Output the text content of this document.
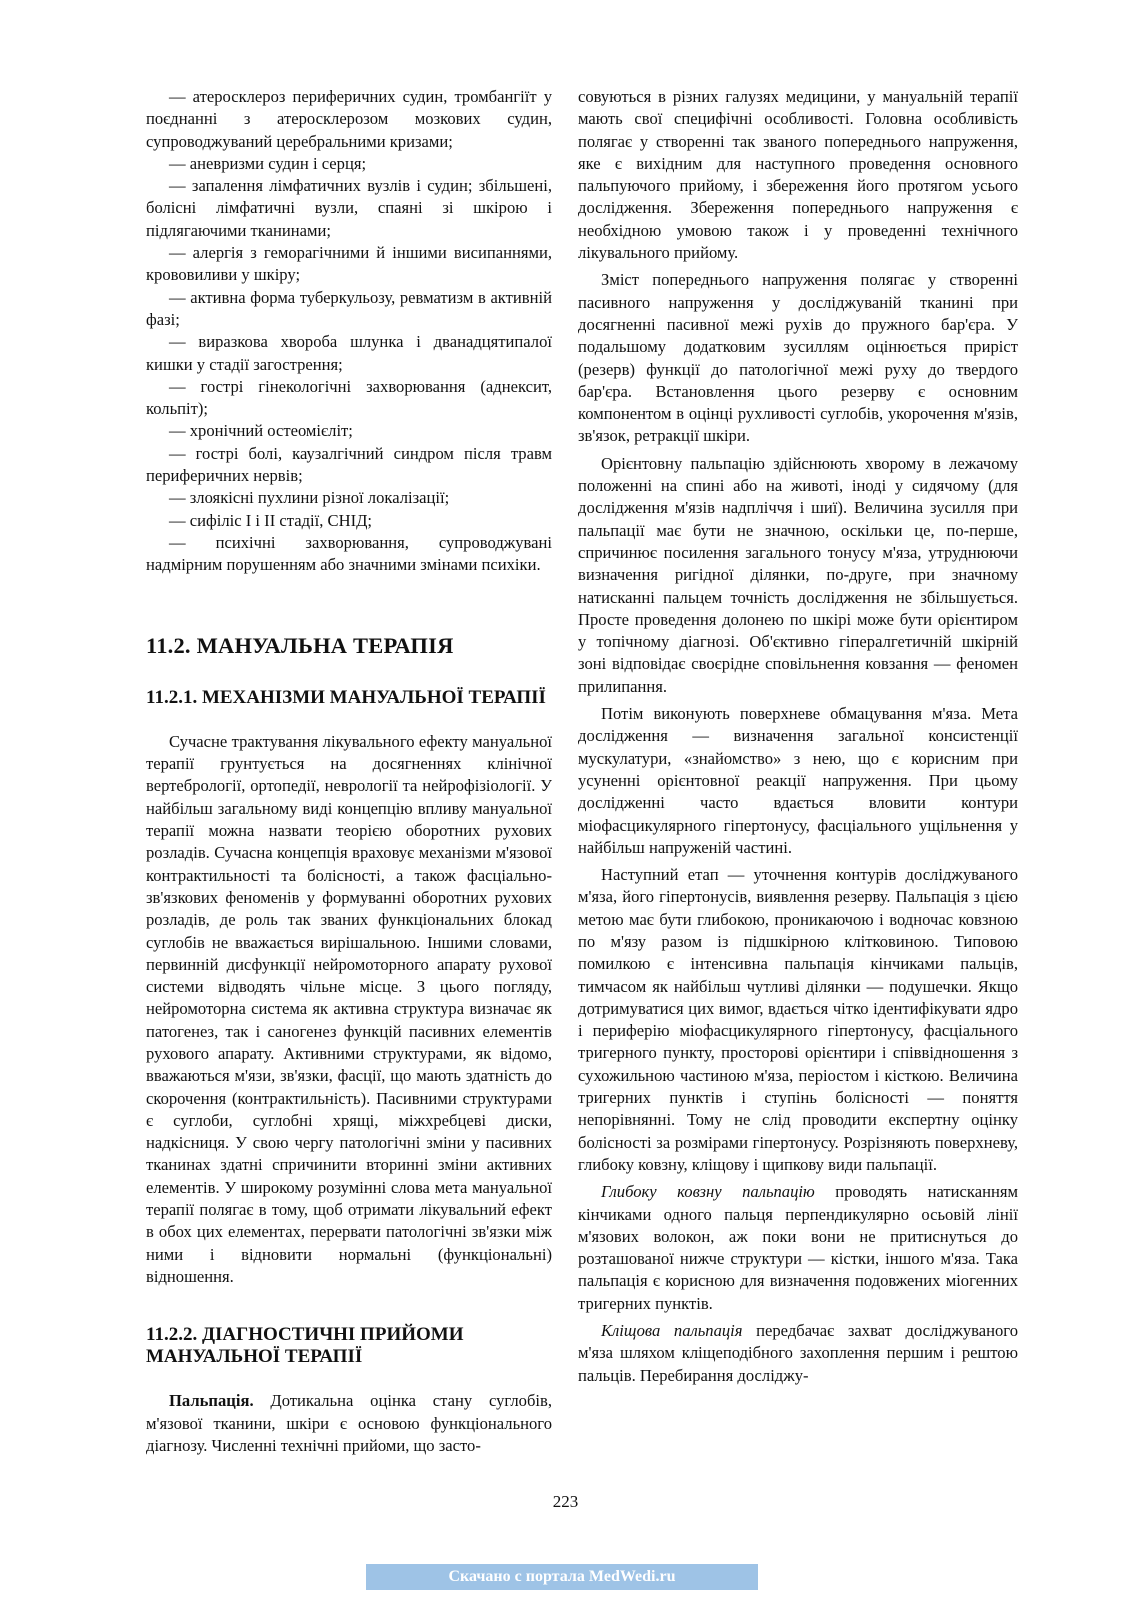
— атеросклероз периферичних судин, тромбангіїт у поєднанні з атеросклерозом мозкових судин, супроводжуваний церебральними кризами;

— аневризми судин і серця;

— запалення лімфатичних вузлів і судин; збільшені, болісні лімфатичні вузли, спаяні зі шкірою і підлягаючими тканинами;

— алергія з геморагічними й іншими висипаннями, крововиливи у шкіру;

— активна форма туберкульозу, ревматизм в активній фазі;

— виразкова хвороба шлунка і дванадцятипалої кишки у стадії загострення;

— гострі гінекологічні захворювання (аднексит, кольпіт);

— хронічний остеомієліт;

— гострі болі, каузалгічний синдром після травм периферичних нервів;

— злоякісні пухлини різної локалізації;

— сифіліс I і II стадії, СНІД;

— психічні захворювання, супроводжувані надмірним порушенням або значними змінами психіки.

11.2. МАНУАЛЬНА ТЕРАПІЯ
11.2.1. МЕХАНІЗМИ МАНУАЛЬНОЇ ТЕРАПІЇ

Сучасне трактування лікувального ефекту мануальної терапії грунтується на досягненнях клінічної вертебрології, ортопедії, неврології та нейрофізіології. У найбільш загальному виді концепцію впливу мануальної терапії можна назвати теорією оборотних рухових розладів. Сучасна концепція враховує механізми м'язової контрактильності та болісності, а також фасціально-зв'язкових феноменів у формуванні оборотних рухових розладів, де роль так званих функціональних блокад суглобів не вважається вирішальною. Іншими словами, первинній дисфункції нейромоторного апарату рухової системи відводять чільне місце. З цього погляду, нейромоторна система як активна структура визначає як патогенез, так і саногенез функцій пасивних елементів рухового апарату. Активними структурами, як відомо, вважаються м'язи, зв'язки, фасції, що мають здатність до скорочення (контрактильність). Пасивними структурами є суглоби, суглобні хрящі, міжхребцеві диски, надкісниця. У свою чергу патологічні зміни у пасивних тканинах здатні спричинити вторинні зміни активних елементів. У широкому розумінні слова мета мануальної терапії полягає в тому, щоб отримати лікувальний ефект в обох цих елементах, перервати патологічні зв'язки між ними і відновити нормальні (функціональні) відношення.

11.2.2. ДІАГНОСТИЧНІ ПРИЙОМИ МАНУАЛЬНОЇ ТЕРАПІЇ

Пальпація. Дотикальна оцінка стану суглобів, м'язової тканини, шкіри є основою функціонального діагнозу. Численні технічні прийоми, що засто-

совуються в різних галузях медицини, у мануальній терапії мають свої специфічні особливості. Головна особливість полягає у створенні так званого попереднього напруження, яке є вихідним для наступного проведення основного пальпуючого прийому, і збереження його протягом усього дослідження. Збереження попереднього напруження є необхідною умовою також і у проведенні технічного лікувального прийому.

Зміст попереднього напруження полягає у створенні пасивного напруження у досліджуваній тканині при досягненні пасивної межі рухів до пружного бар'єра. У подальшому додатковим зусиллям оцінюється приріст (резерв) функції до патологічної межі руху до твердого бар'єра. Встановлення цього резерву є основним компонентом в оцінці рухливості суглобів, укорочення м'язів, зв'язок, ретракції шкіри.

Орієнтовну пальпацію здійснюють хворому в лежачому положенні на спині або на животі, іноді у сидячому (для дослідження м'язів надпліччя і шиї). Величина зусилля при пальпації має бути не значною, оскільки це, по-перше, спричинює посилення загального тонусу м'яза, утруднюючи визначення ригідної ділянки, по-друге, при значному натисканні пальцем точність дослідження не збільшується. Просте проведення долонею по шкірі може бути орієнтиром у топічному діагнозі. Об'єктивно гіпералгетичній шкірній зоні відповідає своєрідне сповільнення ковзання — феномен прилипання.

Потім виконують поверхневе обмацування м'яза. Мета дослідження — визначення загальної консистенції мускулатури, «знайомство» з нею, що є корисним при усуненні орієнтовної реакції напруження. При цьому дослідженні часто вдається вловити контури міофасцикулярного гіпертонусу, фасціального ущільнення у найбільш напруженій частині.

Наступний етап — уточнення контурів досліджуваного м'яза, його гіпертонусів, виявлення резерву. Пальпація з цією метою має бути глибокою, проникаючою і водночас ковзною по м'язу разом із підшкірною клітковиною. Типовою помилкою є інтенсивна пальпація кінчиками пальців, тимчасом як найбільш чутливі ділянки — подушечки. Якщо дотримуватися цих вимог, вдається чітко ідентифікувати ядро і периферію міофасцикулярного гіпертонусу, фасціального тригерного пункту, просторові орієнтири і співвідношення з сухожильною частиною м'яза, періостом і кісткою. Величина тригерних пунктів і ступінь болісності — поняття непорівнянні. Тому не слід проводити експертну оцінку болісності за розмірами гіпертонусу. Розрізняють поверхневу, глибоку ковзну, кліщову і щипкову види пальпації.

Глибоку ковзну пальпацію проводять натисканням кінчиками одного пальця перпендикулярно осьовій лінії м'язових волокон, аж поки вони не притиснуться до розташованої нижче структури — кістки, іншого м'яза. Така пальпація є корисною для визначення подовжених міогенних тригерних пунктів.

Кліщова пальпація передбачає захват досліджуваного м'яза шляхом кліщеподібного захоплення першим і рештою пальців. Перебирання досліджу-

223
Скачано с портала MedWedi.ru
